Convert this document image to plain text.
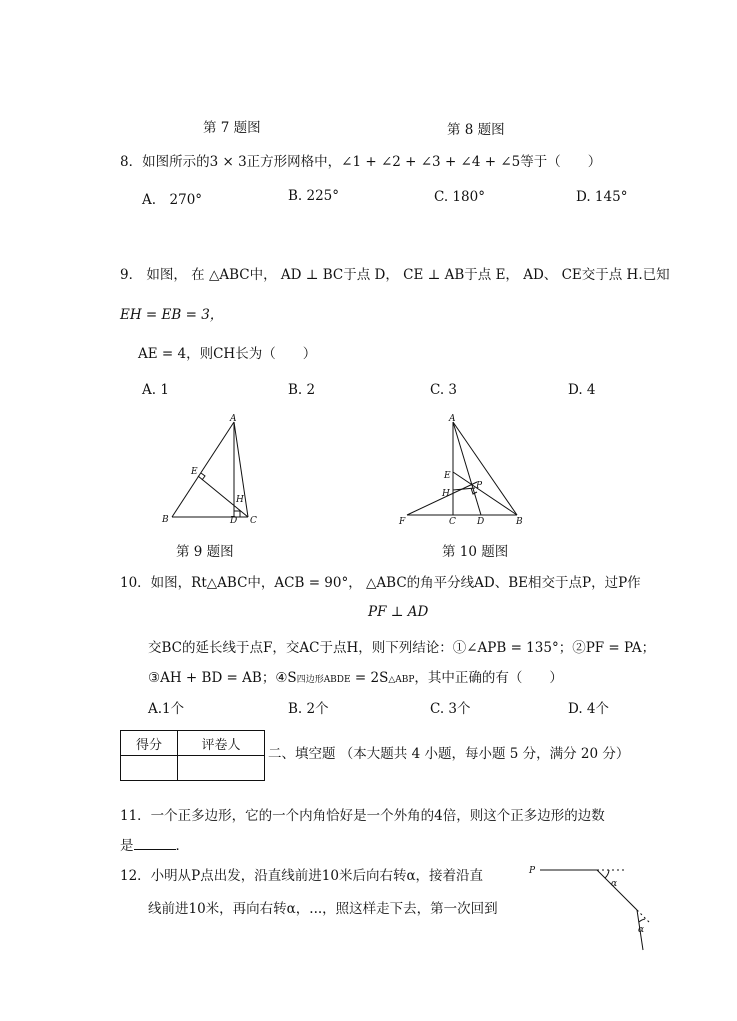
第 7 题图	第 8 题图
8．如图所示的3 × 3正方形网格中，∠1 + ∠2 + ∠3 + ∠4 + ∠5等于（　　）
A.　270°	B. 225°	C. 180°	D. 145°
9． 如图， 在 △ABC中， AD ⊥ BC于点 D， CE ⊥ AB于点 E， AD、 CE交于点 H.已知
EH = EB = 3，
AE = 4，则CH长为（　　）
A. 1	B. 2	C. 3	D. 4
A
B	C
D
E
H
A
B
C D
E
F
H
P
第 9 题图	第 10 题图
10．如图，Rt△ABC中，ACB = 90°， △ABC的角平分线AD、BE相交于点P，过P作
PF ⊥ AD
交BC的延长线于点F，交AC于点H，则下列结论：①∠APB = 135°；②PF = PA；
③AH + BD = AB；④S四边形ABDE = 2S△ABP，其中正确的有（　　）
A.1个	B. 2个	C. 3个	D. 4个
得分	评卷人

二、填空题 （本大题共 4 小题，每小题 5 分，满分 20 分）
11．一个正多边形，它的一个内角恰好是一个外角的4倍，则这个正多边形的边数
是	．
12．小明从P点出发，沿直线前进10米后向右转α，接着沿直
线前进10米，再向右转α，...，照这样走下去，第一次回到
P
α
α
